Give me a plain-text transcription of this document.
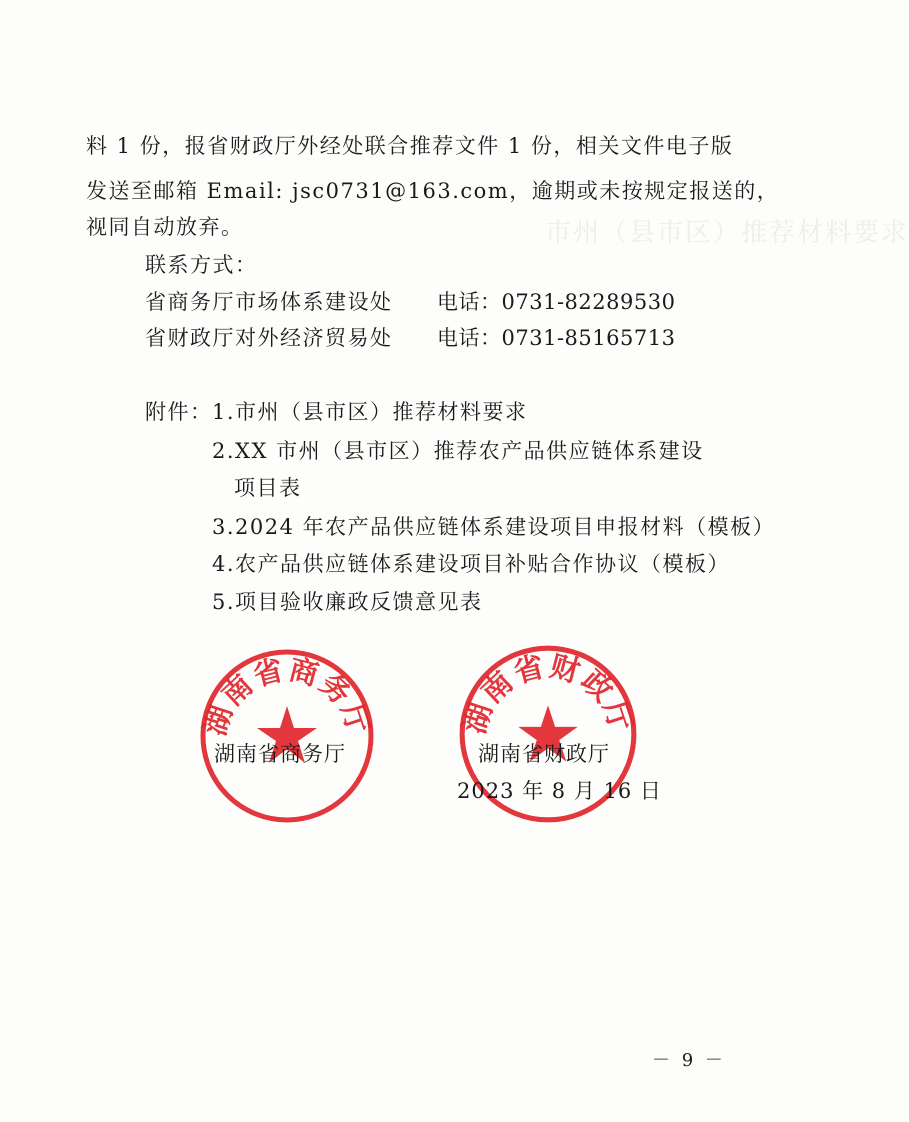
市州（县市区）推荐材料要求
料 1 份，报省财政厅外经处联合推荐文件 1 份，相关文件电子版
发送至邮箱 Email: jsc0731@163.com，逾期或未按规定报送的，
视同自动放弃。
联系方式：
省商务厅市场体系建设处 电话：0731-82289530
省财政厅对外经济贸易处 电话：0731-85165713
附件： 1.市州（县市区）推荐材料要求
2.XX 市州（县市区）推荐农产品供应链体系建设
项目表
3.2024 年农产品供应链体系建设项目申报材料（模板）
4.农产品供应链体系建设项目补贴合作协议（模板）
5.项目验收廉政反馈意见表
湖南省商务厅
湖南省商务厅
湖南省财政厅
湖南省财政厅
2023 年 8 月 16 日
－ 9 －
